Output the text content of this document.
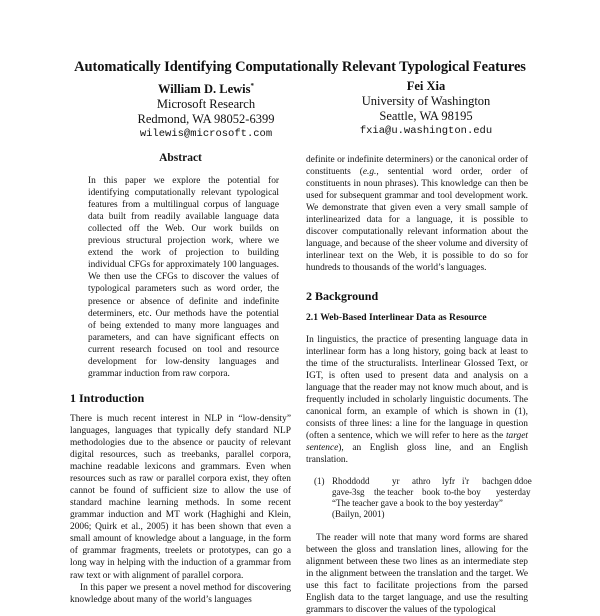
Automatically Identifying Computationally Relevant Typological Features
William D. Lewis*
Microsoft Research
Redmond, WA 98052-6399
wilewis@microsoft.com
Fei Xia
University of Washington
Seattle, WA 98195
fxia@u.washington.edu
Abstract

In this paper we explore the potential for identifying computationally relevant typological features from a multilingual corpus of language data built from readily available language data collected off the Web. Our work builds on previous structural projection work, where we extend the work of projection to building individual CFGs for approximately 100 languages. We then use the CFGs to discover the values of typological parameters such as word order, the presence or absence of definite and indefinite determiners, etc. Our methods have the potential of being extended to many more languages and parameters, and can have significant effects on current research focused on tool and resource development for low-density languages and grammar induction from raw corpora.

1 Introduction

There is much recent interest in NLP in “low-density” languages, languages that typically defy standard NLP methodologies due to the absence or paucity of relevant digital resources, such as treebanks, parallel corpora, machine readable lexicons and grammars. Even when resources such as raw or parallel corpora exist, they often cannot be found of sufficient size to allow the use of standard machine learning methods. In some recent grammar induction and MT work (Haghighi and Klein, 2006; Quirk et al., 2005) it has been shown that even a small amount of knowledge about a language, in the form of grammar fragments, treelets or prototypes, can go a long way in helping with the induction of a grammar from raw text or with alignment of parallel corpora.

In this paper we present a novel method for discovering knowledge about many of the world’s languages

definite or indefinite determiners) or the canonical order of constituents (e.g., sentential word order, order of constituents in noun phrases). This knowledge can then be used for subsequent grammar and tool development work. We demonstrate that given even a very small sample of interlinearized data for a language, it is possible to discover computationally relevant information about the language, and because of the sheer volume and diversity of interlinear text on the Web, it is possible to do so for hundreds to thousands of the world’s languages.

2 Background
2.1 Web-Based Interlinear Data as Resource

In linguistics, the practice of presenting language data in interlinear form has a long history, going back at least to the time of the structuralists. Interlinear Glossed Text, or IGT, is often used to present data and analysis on a language that the reader may not know much about, and is frequently included in scholarly linguistic documents. The canonical form, an example of which is shown in (1), consists of three lines: a line for the language in question (often a sentence, which we will refer to here as the target sentence), an English gloss line, and an English translation.

(1) Rhoddodd yr athro lyfr i'r bachgen ddoe
gave-3sg the teacher book to-the boy yesterday
“The teacher gave a book to the boy yesterday”
(Bailyn, 2001)

The reader will note that many word forms are shared between the gloss and translation lines, allowing for the alignment between these two lines as an intermediate step in the alignment between the translation and the target. We use this fact to facilitate projections from the parsed English data to the target language, and use the resulting grammars to discover the values of the typological
